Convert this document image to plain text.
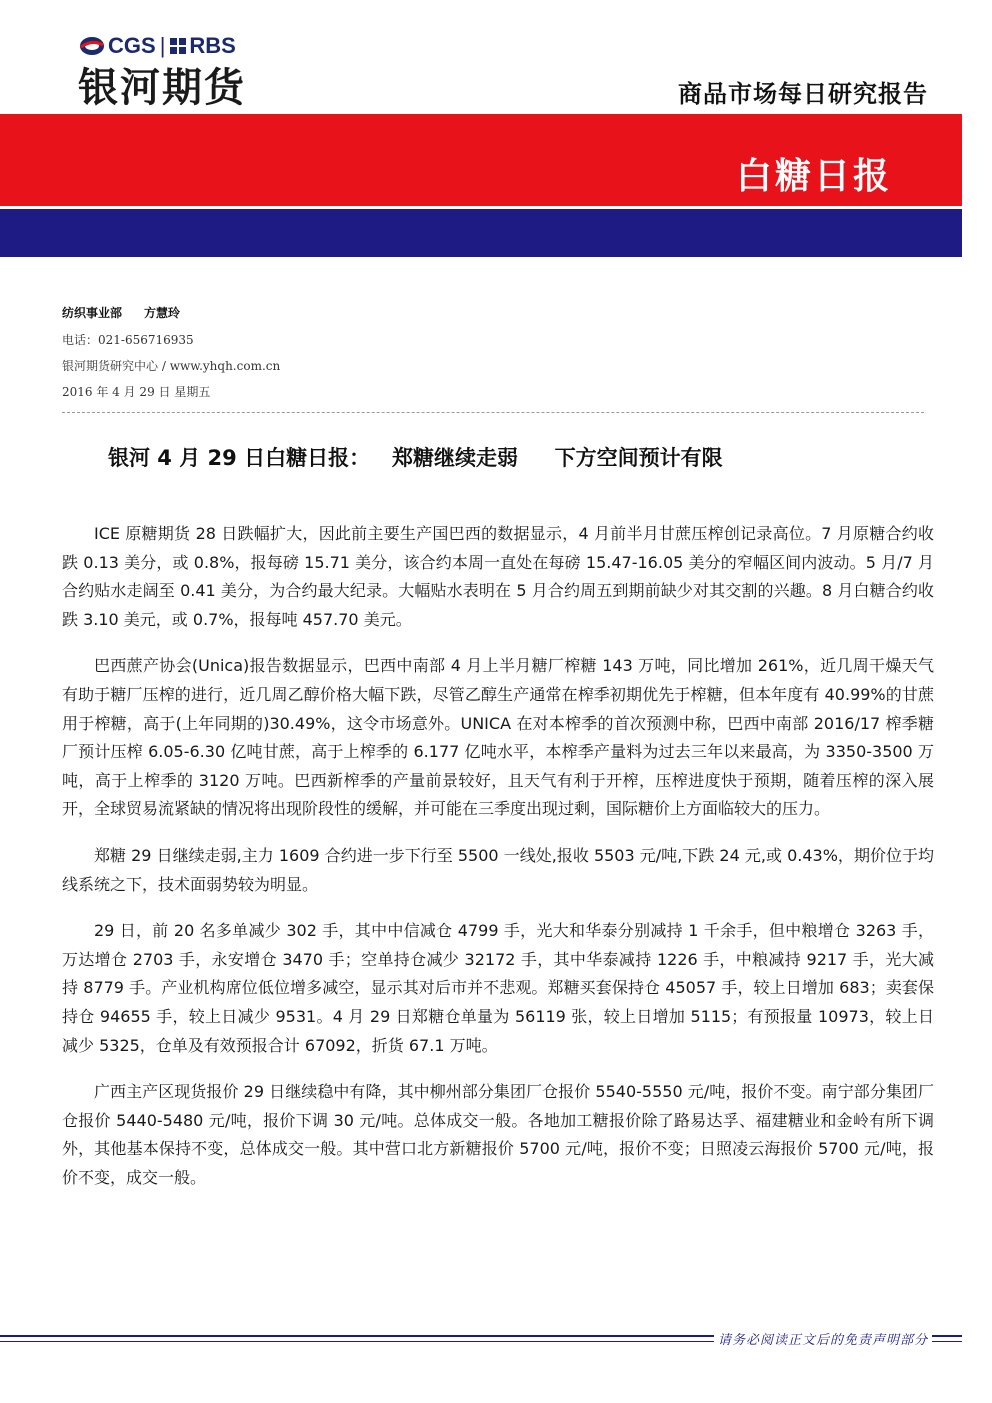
CGS | RBS
银河期货	商品市场每日研究报告
白糖日报
纺织事业部 方慧玲
电话：021-656716935
银河期货研究中心 / www.yhqh.com.cn
2016 年 4 月 29 日 星期五
银河 4 月 29 日白糖日报：   郑糖继续走弱     下方空间预计有限

ICE 原糖期货 28 日跌幅扩大，因此前主要生产国巴西的数据显示，4 月前半月甘蔗压榨创记录高位。7 月原糖合约收跌 0.13 美分，或 0.8%，报每磅 15.71 美分，该合约本周一直处在每磅 15.47-16.05 美分的窄幅区间内波动。5 月/7 月合约贴水走阔至 0.41 美分，为合约最大纪录。大幅贴水表明在 5 月合约周五到期前缺少对其交割的兴趣。8 月白糖合约收跌 3.10 美元，或 0.7%，报每吨 457.70 美元。

巴西蔗产协会(Unica)报告数据显示，巴西中南部 4 月上半月糖厂榨糖 143 万吨，同比增加 261%，近几周干燥天气有助于糖厂压榨的进行，近几周乙醇价格大幅下跌，尽管乙醇生产通常在榨季初期优先于榨糖，但本年度有 40.99%的甘蔗用于榨糖，高于(上年同期的)30.49%，这令市场意外。UNICA 在对本榨季的首次预测中称，巴西中南部 2016/17 榨季糖厂预计压榨 6.05-6.30 亿吨甘蔗，高于上榨季的 6.177 亿吨水平，本榨季产量料为过去三年以来最高，为 3350-3500 万吨，高于上榨季的 3120 万吨。巴西新榨季的产量前景较好，且天气有利于开榨，压榨进度快于预期，随着压榨的深入展开，全球贸易流紧缺的情况将出现阶段性的缓解，并可能在三季度出现过剩，国际糖价上方面临较大的压力。

郑糖 29 日继续走弱,主力 1609 合约进一步下行至 5500 一线处,报收 5503 元/吨,下跌 24 元,或 0.43%，期价位于均线系统之下，技术面弱势较为明显。

29 日，前 20 名多单减少 302 手，其中中信减仓 4799 手，光大和华泰分别减持 1 千余手，但中粮增仓 3263 手，万达增仓 2703 手，永安增仓 3470 手；空单持仓减少 32172 手，其中华泰减持 1226 手，中粮减持 9217 手，光大减持 8779 手。产业机构席位低位增多减空，显示其对后市并不悲观。郑糖买套保持仓 45057 手，较上日增加 683；卖套保持仓 94655 手，较上日减少 9531。4 月 29 日郑糖仓单量为 56119 张，较上日增加 5115；有预报量 10973，较上日减少 5325，仓单及有效预报合计 67092，折货 67.1 万吨。

广西主产区现货报价 29 日继续稳中有降，其中柳州部分集团厂仓报价 5540-5550 元/吨，报价不变。南宁部分集团厂仓报价 5440-5480 元/吨，报价下调 30 元/吨。总体成交一般。各地加工糖报价除了路易达孚、福建糖业和金岭有所下调外，其他基本保持不变，总体成交一般。其中营口北方新糖报价 5700 元/吨，报价不变；日照凌云海报价 5700 元/吨，报价不变，成交一般。

请务必阅读正文后的免责声明部分
